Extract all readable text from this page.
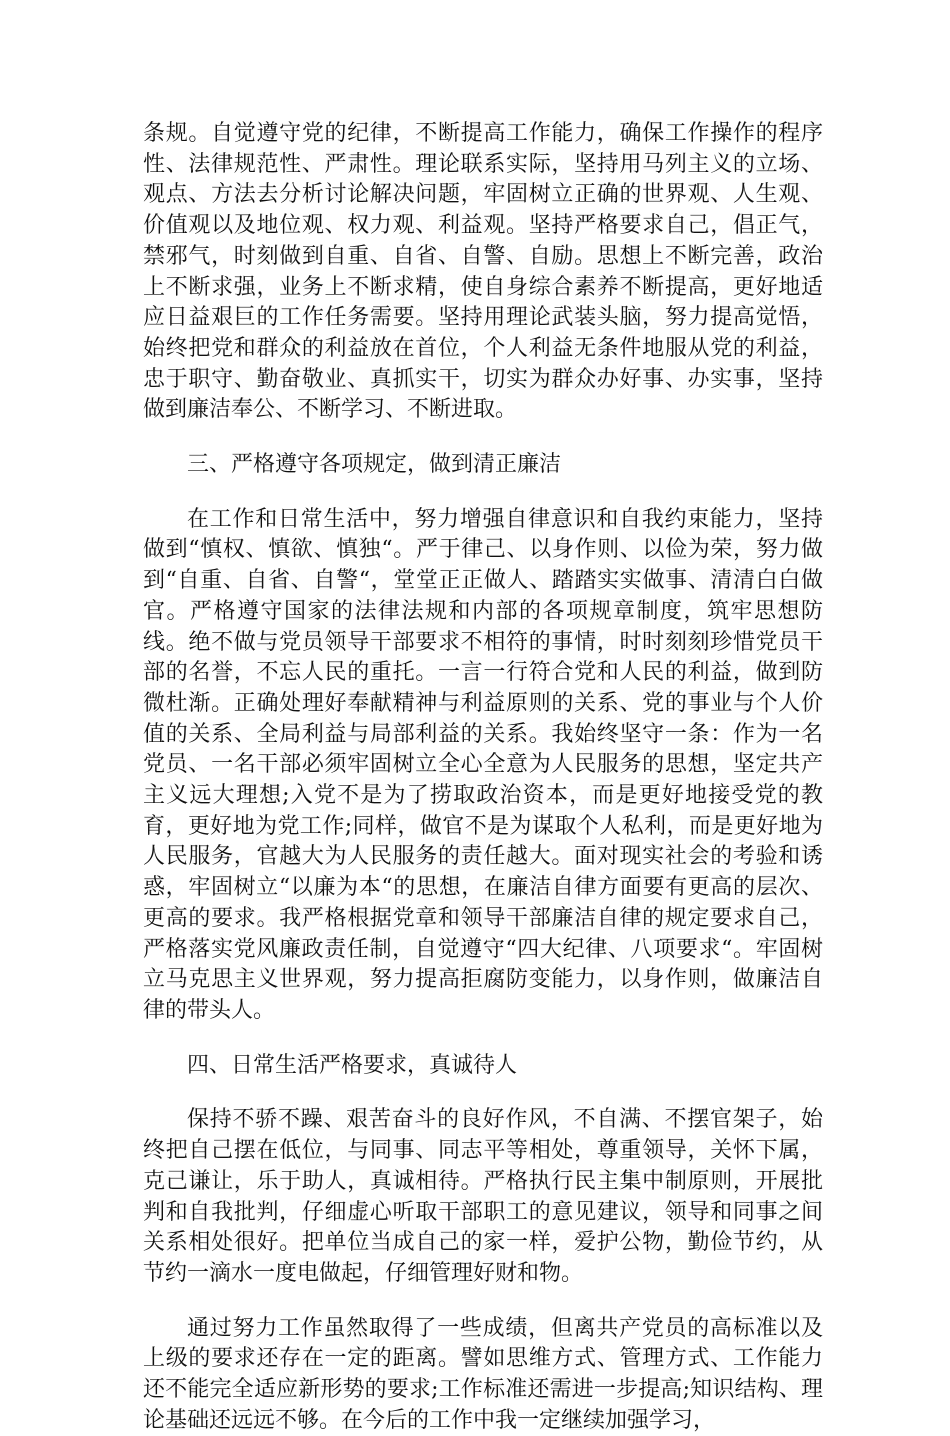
条规。自觉遵守党的纪律，不断提高工作能力，确保工作操作的程序性、法律规范性、严肃性。理论联系实际，坚持用马列主义的立场、观点、方法去分析讨论解决问题，牢固树立正确的世界观、人生观、价值观以及地位观、权力观、利益观。坚持严格要求自己，倡正气，禁邪气，时刻做到自重、自省、自警、自励。思想上不断完善，政治上不断求强，业务上不断求精，使自身综合素养不断提高，更好地适应日益艰巨的工作任务需要。坚持用理论武装头脑，努力提高觉悟，始终把党和群众的利益放在首位，个人利益无条件地服从党的利益，忠于职守、勤奋敬业、真抓实干，切实为群众办好事、办实事，坚持做到廉洁奉公、不断学习、不断进取。

三、严格遵守各项规定，做到清正廉洁

在工作和日常生活中，努力增强自律意识和自我约束能力，坚持做到“慎权、慎欲、慎独“。严于律己、以身作则、以俭为荣，努力做到“自重、自省、自警“，堂堂正正做人、踏踏实实做事、清清白白做官。严格遵守国家的法律法规和内部的各项规章制度，筑牢思想防线。绝不做与党员领导干部要求不相符的事情，时时刻刻珍惜党员干部的名誉，不忘人民的重托。一言一行符合党和人民的利益，做到防微杜渐。正确处理好奉献精神与利益原则的关系、党的事业与个人价值的关系、全局利益与局部利益的关系。我始终坚守一条：作为一名党员、一名干部必须牢固树立全心全意为人民服务的思想，坚定共产主义远大理想;入党不是为了捞取政治资本，而是更好地接受党的教育，更好地为党工作;同样，做官不是为谋取个人私利，而是更好地为人民服务，官越大为人民服务的责任越大。面对现实社会的考验和诱惑，牢固树立“以廉为本“的思想，在廉洁自律方面要有更高的层次、更高的要求。我严格根据党章和领导干部廉洁自律的规定要求自己，严格落实党风廉政责任制，自觉遵守“四大纪律、八项要求“。牢固树立马克思主义世界观，努力提高拒腐防变能力，以身作则，做廉洁自律的带头人。

四、日常生活严格要求，真诚待人

保持不骄不躁、艰苦奋斗的良好作风，不自满、不摆官架子，始终把自己摆在低位，与同事、同志平等相处，尊重领导，关怀下属，克己谦让，乐于助人，真诚相待。严格执行民主集中制原则，开展批判和自我批判，仔细虚心听取干部职工的意见建议，领导和同事之间关系相处很好。把单位当成自己的家一样，爱护公物，勤俭节约，从节约一滴水一度电做起，仔细管理好财和物。

通过努力工作虽然取得了一些成绩，但离共产党员的高标准以及上级的要求还存在一定的距离。譬如思维方式、管理方式、工作能力还不能完全适应新形势的要求;工作标准还需进一步提高;知识结构、理论基础还远远不够。在今后的工作中我一定继续加强学习，
